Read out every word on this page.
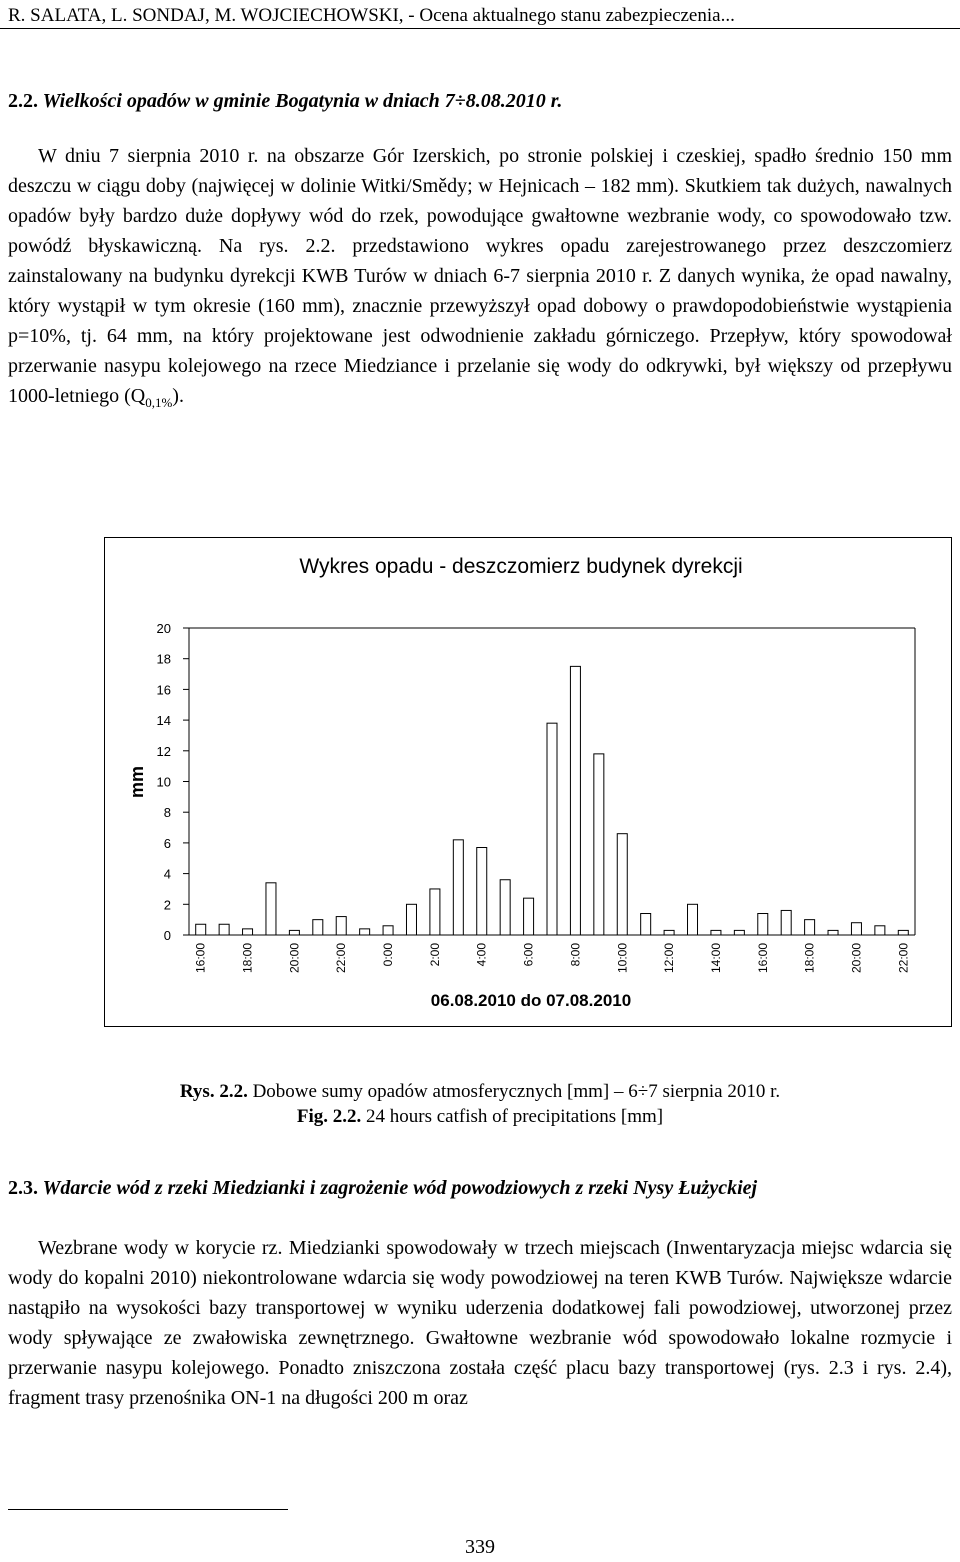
R. SALATA, L. SONDAJ, M. WOJCIECHOWSKI, - Ocena aktualnego stanu zabezpieczenia...
2.2. Wielkości opadów w gminie Bogatynia w dniach 7÷8.08.2010 r.

W dniu 7 sierpnia 2010 r. na obszarze Gór Izerskich, po stronie polskiej i czeskiej, spadło średnio 150 mm deszczu w ciągu doby (najwięcej w dolinie Witki/Smědy; w Hejnicach – 182 mm). Skutkiem tak dużych, nawalnych opadów były bardzo duże dopływy wód do rzek, powodujące gwałtowne wezbranie wody, co spowodowało tzw. powódź błyskawiczną. Na rys. 2.2. przedstawiono wykres opadu zarejestrowanego przez deszczomierz zainstalowany na budynku dyrekcji KWB Turów w dniach 6-7 sierpnia 2010 r. Z danych wynika, że opad nawalny, który wystąpił w tym okresie (160 mm), znacznie przewyższył opad dobowy o prawdopodobieństwie wystąpienia p=10%, tj. 64 mm, na który projektowane jest odwodnienie zakładu górniczego. Przepływ, który spowodował przerwanie nasypu kolejowego na rzece Miedziance i przelanie się wody do odkrywki, był większy od przepływu 1000-letniego $(Q_{0,1\%})$.

Wykres opadu - deszczomierz budynek dyrekcji
mm
06.08.2010 do 07.08.2010
0
2
4
6
8
10
12
14
16
18
20
16:00	18:00	20:00	22:00	0:00	2:00	4:00	6:00	8:00	10:00	12:00	14:00	16:00	18:00	20:00	22:00
Rys. 2.2. Dobowe sumy opadów atmosferycznych [mm] – 6÷7 sierpnia 2010 r.
Fig. 2.2. 24 hours catfish of precipitations [mm]
2.3. Wdarcie wód z rzeki Miedzianki i zagrożenie wód powodziowych z rzeki Nysy Łużyckiej

Wezbrane wody w korycie rz. Miedzianki spowodowały w trzech miejscach (Inwentaryzacja miejsc wdarcia się wody do kopalni 2010) niekontrolowane wdarcia się wody powodziowej na teren KWB Turów. Największe wdarcie nastąpiło na wysokości bazy transportowej w wyniku uderzenia dodatkowej fali powodziowej, utworzonej przez wody spływające ze zwałowiska zewnętrznego. Gwałtowne wezbranie wód spowodowało lokalne rozmycie i przerwanie nasypu kolejowego. Ponadto zniszczona została część placu bazy transportowej (rys. 2.3 i rys. 2.4), fragment trasy przenośnika ON-1 na długości 200 m oraz

339
